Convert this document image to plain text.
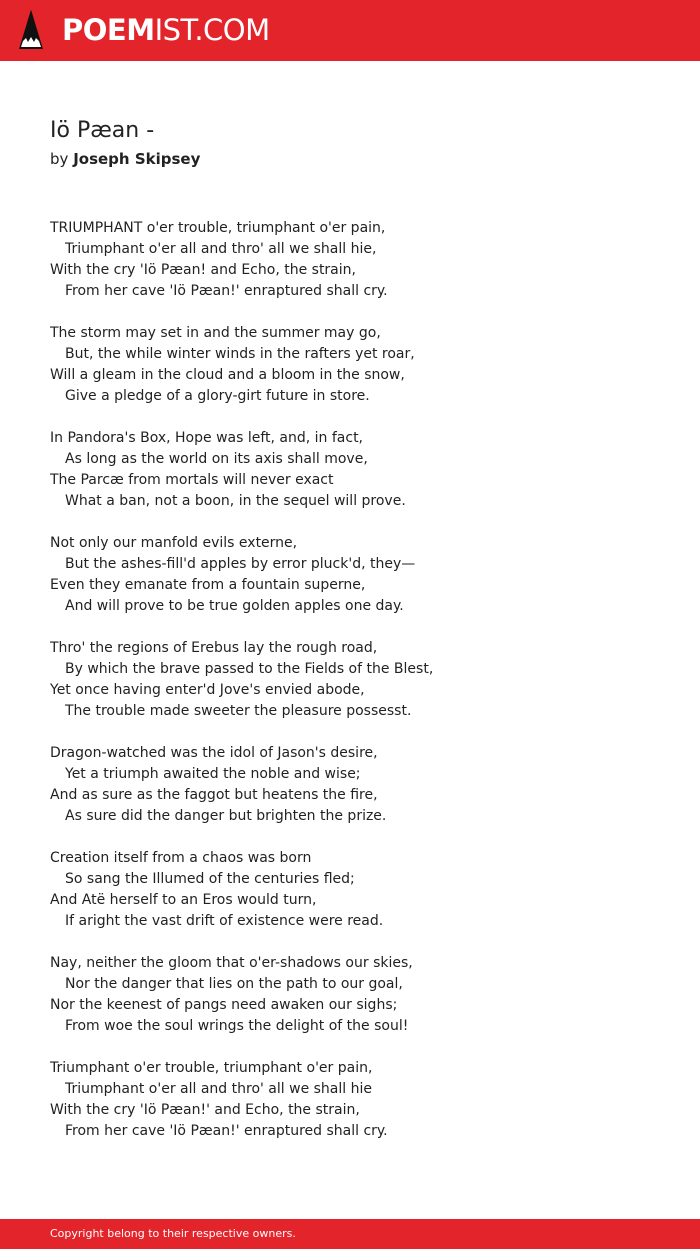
POEMIST.COM
Iö Pæan -
by Joseph Skipsey
TRIUMPHANT o'er trouble, triumphant o'er pain,
Triumphant o'er all and thro' all we shall hie,
With the cry 'Iö Pæan! and Echo, the strain,
From her cave 'Iö Pæan!' enraptured shall cry.
The storm may set in and the summer may go,
But, the while winter winds in the rafters yet roar,
Will a gleam in the cloud and a bloom in the snow,
Give a pledge of a glory-girt future in store.
In Pandora's Box, Hope was left, and, in fact,
As long as the world on its axis shall move,
The Parcæ from mortals will never exact
What a ban, not a boon, in the sequel will prove.
Not only our manfold evils externe,
But the ashes-fill'd apples by error pluck'd, they—
Even they emanate from a fountain superne,
And will prove to be true golden apples one day.
Thro' the regions of Erebus lay the rough road,
By which the brave passed to the Fields of the Blest,
Yet once having enter'd Jove's envied abode,
The trouble made sweeter the pleasure possesst.
Dragon-watched was the idol of Jason's desire,
Yet a triumph awaited the noble and wise;
And as sure as the faggot but heatens the fire,
As sure did the danger but brighten the prize.
Creation itself from a chaos was born
So sang the Illumed of the centuries fled;
And Atë herself to an Eros would turn,
If aright the vast drift of existence were read.
Nay, neither the gloom that o'er-shadows our skies,
Nor the danger that lies on the path to our goal,
Nor the keenest of pangs need awaken our sighs;
From woe the soul wrings the delight of the soul!
Triumphant o'er trouble, triumphant o'er pain,
Triumphant o'er all and thro' all we shall hie
With the cry 'Iö Pæan!' and Echo, the strain,
From her cave 'Iö Pæan!' enraptured shall cry.
Copyright belong to their respective owners.
